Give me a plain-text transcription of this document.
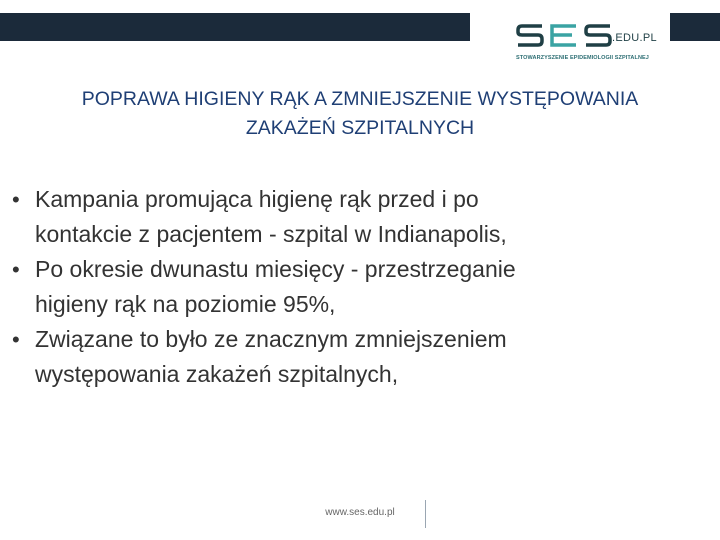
.EDU.PL
STOWARZYSZENIE EPIDEMIOLOGII SZPITALNEJ
POPRAWA HIGIENY RĄK A ZMNIEJSZENIE WYSTĘPOWANIA
ZAKAŻEŃ SZPITALNYCH
• Kampania promująca higienę rąk przed i po
kontakcie z pacjentem - szpital w Indianapolis,
• Po okresie dwunastu miesięcy - przestrzeganie
higieny rąk na poziomie 95%,
• Związane to było ze znacznym zmniejszeniem
występowania zakażeń szpitalnych,
www.ses.edu.pl
